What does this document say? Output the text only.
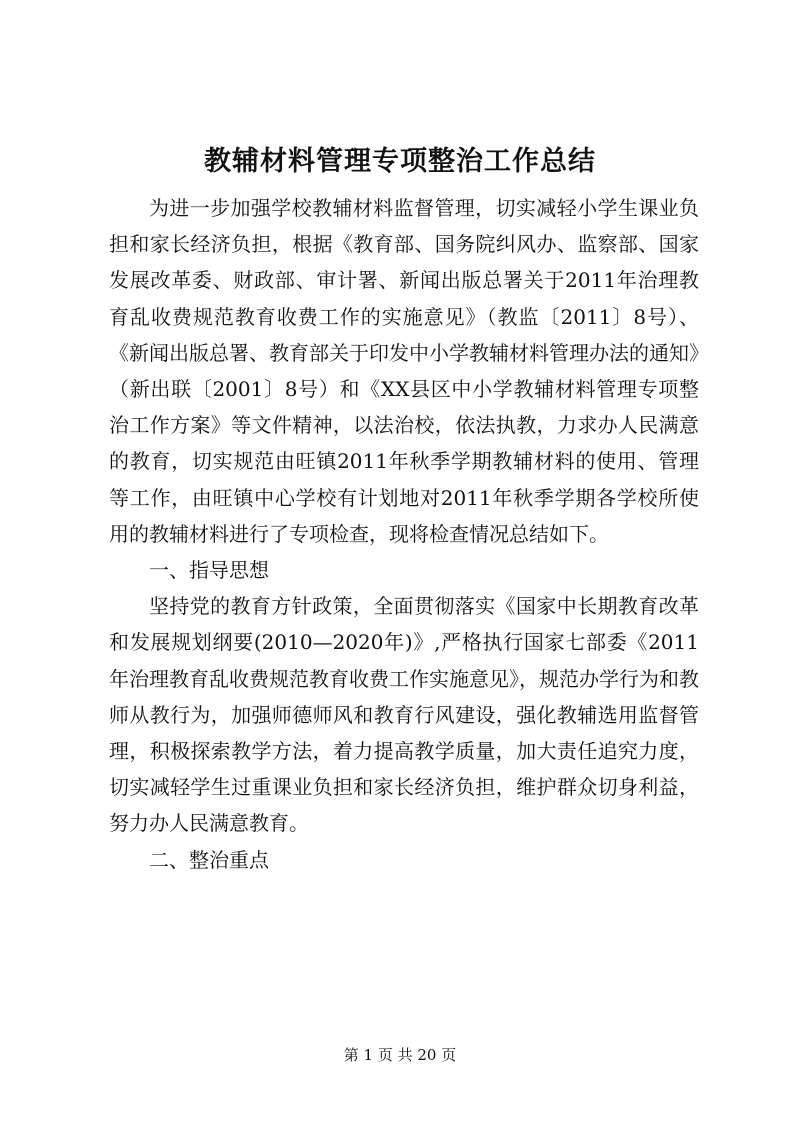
教辅材料管理专项整治工作总结

为进一步加强学校教辅材料监督管理，切实减轻小学生课业负担和家长经济负担，根据《教育部、国务院纠风办、监察部、国家发展改革委、财政部、审计署、新闻出版总署关于2011年治理教育乱收费规范教育收费工作的实施意见》（教监〔2011〕8号）、《新闻出版总署、教育部关于印发中小学教辅材料管理办法的通知》（新出联〔2001〕8号）和《XX县区中小学教辅材料管理专项整治工作方案》等文件精神，以法治校，依法执教，力求办人民满意的教育，切实规范由旺镇2011年秋季学期教辅材料的使用、管理等工作，由旺镇中心学校有计划地对2011年秋季学期各学校所使用的教辅材料进行了专项检查，现将检查情况总结如下。

一、指导思想

坚持党的教育方针政策，全面贯彻落实《国家中长期教育改革和发展规划纲要(2010—2020年)》,严格执行国家七部委《2011年治理教育乱收费规范教育收费工作实施意见》，规范办学行为和教师从教行为，加强师德师风和教育行风建设，强化教辅选用监督管理，积极探索教学方法，着力提高教学质量，加大责任追究力度，切实减轻学生过重课业负担和家长经济负担，维护群众切身利益，努力办人民满意教育。

二、整治重点

第 1 页 共 20 页
